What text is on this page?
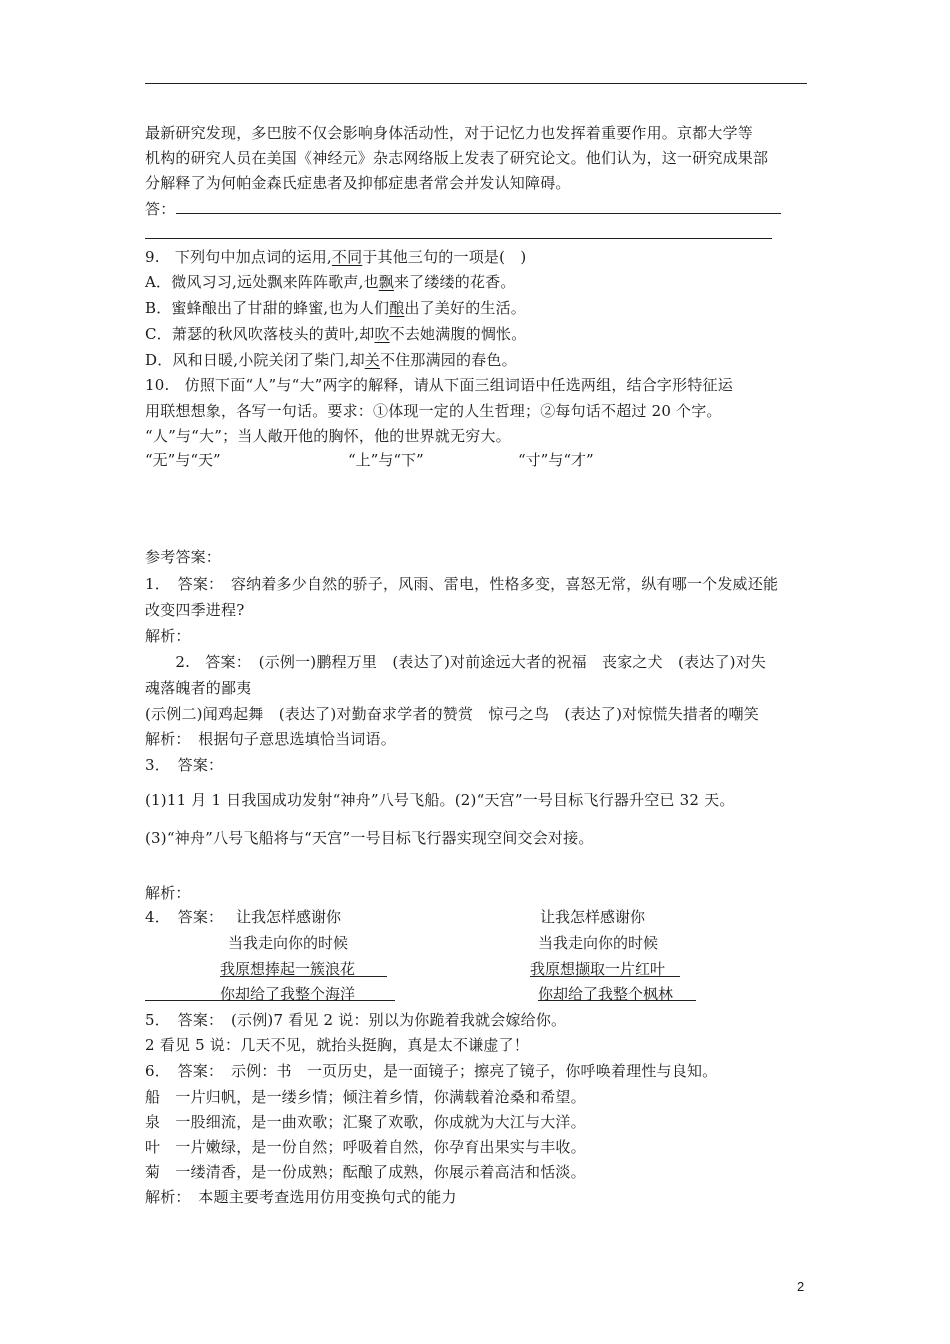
最新研究发现，多巴胺不仅会影响身体活动性，对于记忆力也发挥着重要作用。京都大学等
机构的研究人员在美国《神经元》杂志网络版上发表了研究论文。他们认为，这一研究成果部
分解释了为何帕金森氏症患者及抑郁症患者常会并发认知障碍。
答：
9.　下列句中加点词的运用,不同于其他三句的一项是(　)
A．微风习习,远处飘来阵阵歌声,也飘来了缕缕的花香。
B．蜜蜂酿出了甘甜的蜂蜜,也为人们酿出了美好的生活。
C．萧瑟的秋风吹落枝头的黄叶,却吹不去她满腹的惆怅。
D．风和日暖,小院关闭了柴门,却关不住那满园的春色。
10.　仿照下面“人”与“大”两字的解释，请从下面三组词语中任选两组，结合字形特征运
用联想想象，各写一句话。要求：①体现一定的人生哲理；②每句话不超过 20 个字。
“人”与“大”；当人敞开他的胸怀，他的世界就无穷大。
“无”与“天”	“上”与“下”	“寸”与“才”
参考答案：
1．　答案：　容纳着多少自然的骄子，风雨、雷电，性格多变，喜怒无常，纵有哪一个发威还能
改变四季进程?
解析：
　　2.　答案：　(示例一)鹏程万里　(表达了)对前途远大者的祝福　丧家之犬　(表达了)对失
魂落魄者的鄙夷
(示例二)闻鸡起舞　(表达了)对勤奋求学者的赞赏　惊弓之鸟　(表达了)对惊慌失措者的嘲笑
解析：　根据句子意思选填恰当词语。
3．　答案：
(1)11 月 1 日我国成功发射“神舟”八号飞船。(2)“天宫”一号目标飞行器升空已 32 天。
(3)“神舟”八号飞船将与“天宫”一号目标飞行器实现空间交会对接。
解析：
4．　答案： 让我怎样感谢你
当我走向你的时候
我原想捧起一簇浪花
你却给了我整个海洋
让我怎样感谢你
当我走向你的时候
我原想撷取一片红叶
你却给了我整个枫林
5．　答案：　(示例)7 看见 2 说：别以为你跪着我就会嫁给你。
2 看见 5 说：几天不见，就抬头挺胸，真是太不谦虚了！
6．　答案：　示例：书　一页历史，是一面镜子；擦亮了镜子，你呼唤着理性与良知。
船　一片归帆，是一缕乡情；倾注着乡情，你满载着沧桑和希望。
泉　一股细流，是一曲欢歌；汇聚了欢歌，你成就为大江与大洋。
叶　一片嫩绿，是一份自然；呼吸着自然，你孕育出果实与丰收。
菊　一缕清香，是一份成熟；酝酿了成熟，你展示着高洁和恬淡。
解析：　本题主要考查选用仿用变换句式的能力
2
